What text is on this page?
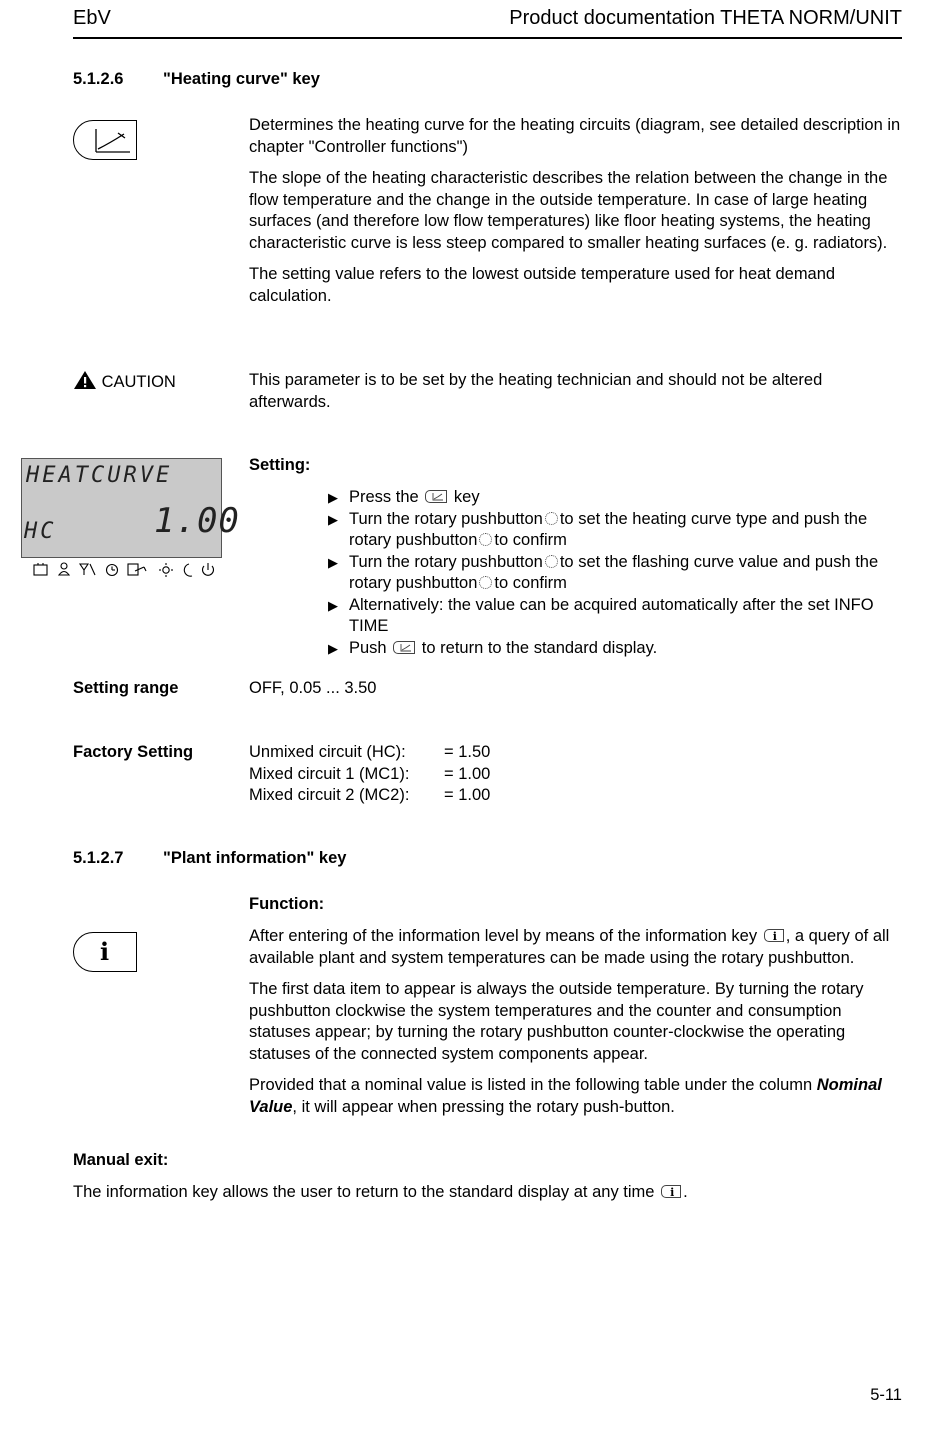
EbV	Product documentation THETA NORM/UNIT
5.1.2.6 "Heating curve" key

Determines the heating curve for the heating circuits (diagram, see detailed description in chapter "Controller functions")

The slope of the heating characteristic describes the relation between the change in the flow temperature and the change in the outside temperature. In case of large heating surfaces (and therefore low flow temperatures) like floor heating systems, the heating characteristic curve is less steep compared to smaller heating surfaces (e. g. radiators).

The setting value refers to the lowest outside temperature used for heat demand calculation.

CAUTION	This parameter is to be set by the heating technician and should not be altered afterwards.
HEATCURVE
HC	1.00
Setting:
▶ Press the key
▶ Turn the rotary pushbutton to set the heating curve type and push the rotary pushbutton to confirm
▶ Turn the rotary pushbutton to set the flashing curve value and push the rotary pushbutton to confirm
▶ Alternatively: the value can be acquired automatically after the set INFO TIME
▶ Push to return to the standard display.
Setting range	OFF, 0.05 ... 3.50
Factory Setting	Unmixed circuit (HC):	= 1.50
Mixed circuit 1 (MC1):	= 1.00
Mixed circuit 2 (MC2):	= 1.00
5.1.2.7 "Plant information" key
Function:
i

After entering of the information level by means of the information key i , a query of all available plant and system temperatures can be made using the rotary pushbutton.

The first data item to appear is always the outside temperature. By turning the rotary pushbutton clockwise the system temperatures and the counter and consumption statuses appear; by turning the rotary pushbutton counter-clockwise the operating statuses of the connected system components appear.

Provided that a nominal value is listed in the following table under the column Nominal Value, it will appear when pressing the rotary push-button.

Manual exit:
The information key allows the user to return to the standard display at any time i .
5-11
